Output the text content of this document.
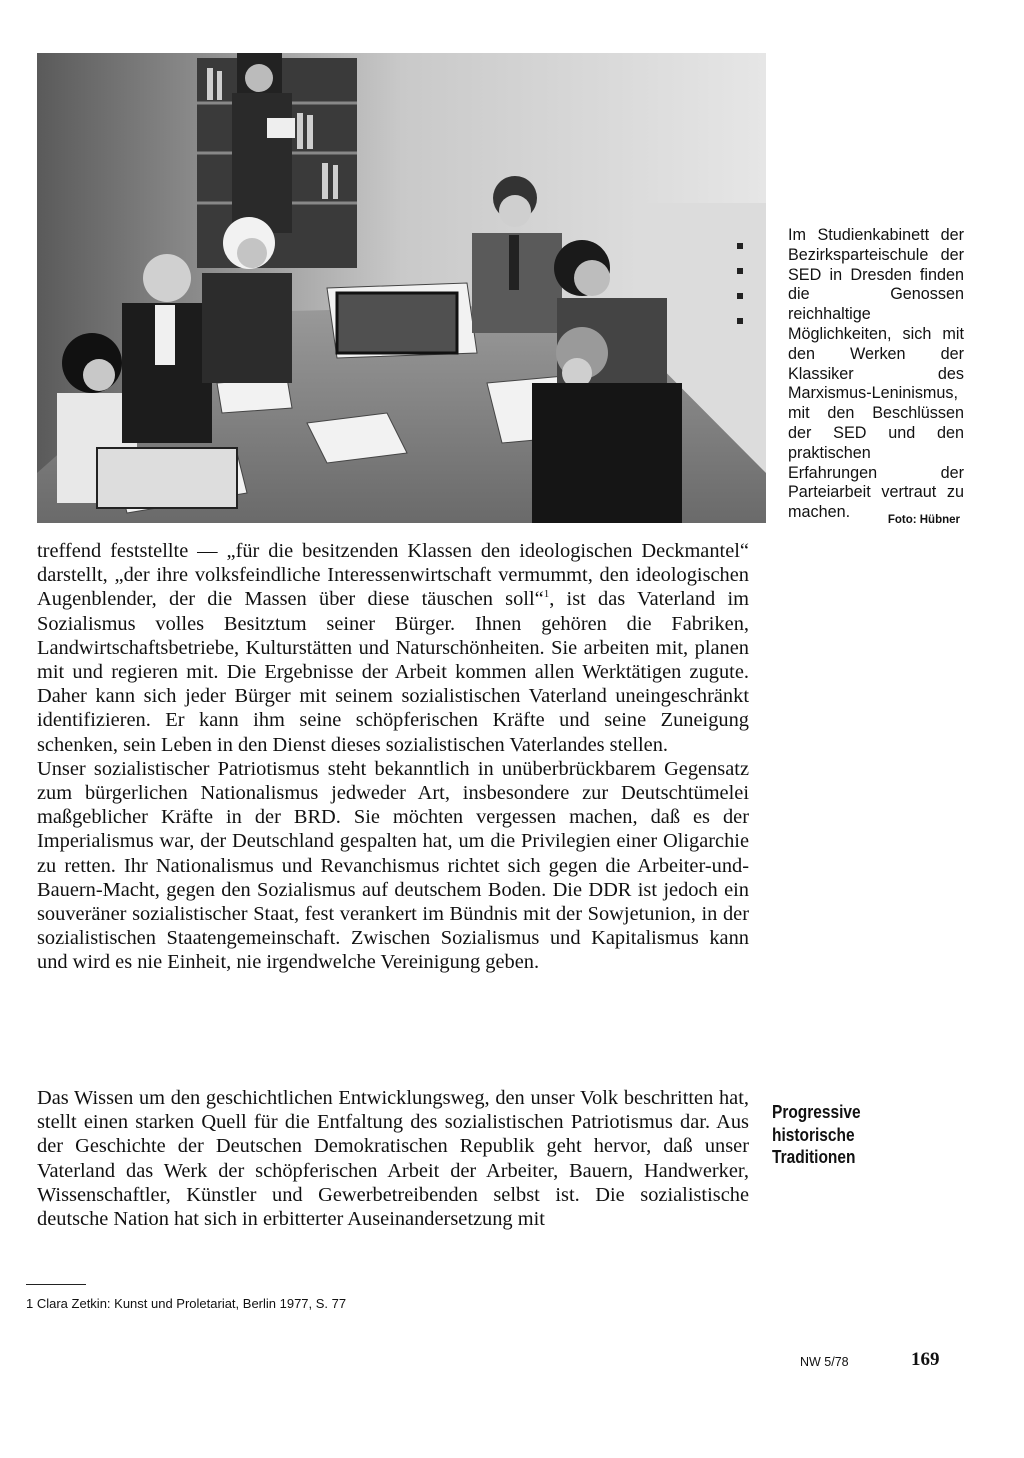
Im Studienkabinett der Bezirksparteischule der SED in Dresden finden die Genossen reichhaltige Möglichkeiten, sich mit den Werken der Klassiker des Marxismus-Leninismus, mit den Beschlüssen der SED und den praktischen Erfahrungen der Parteiarbeit vertraut zu machen.	Foto: Hübner

treffend feststellte — „für die besitzenden Klassen den ideologischen Deckmantel“ darstellt, „der ihre volksfeindliche Interessenwirtschaft vermummt, den ideologischen Augenblender, der die Massen über diese täuschen soll“$^1$, ist das Vaterland im Sozialismus volles Besitztum seiner Bürger. Ihnen gehören die Fabriken, Landwirtschaftsbetriebe, Kulturstätten und Naturschönheiten. Sie arbeiten mit, planen mit und regieren mit. Die Ergebnisse der Arbeit kommen allen Werktätigen zugute. Daher kann sich jeder Bürger mit seinem sozialistischen Vaterland uneingeschränkt identifizieren. Er kann ihm seine schöpferischen Kräfte und seine Zuneigung schenken, sein Leben in den Dienst dieses sozialistischen Vaterlandes stellen.
Unser sozialistischer Patriotismus steht bekanntlich in unüberbrückbarem Gegensatz zum bürgerlichen Nationalismus jedweder Art, insbesondere zur Deutschtümelei maßgeblicher Kräfte in der BRD. Sie möchten vergessen machen, daß es der Imperialismus war, der Deutschland gespalten hat, um die Privilegien einer Oligarchie zu retten. Ihr Nationalismus und Revanchismus richtet sich gegen die Arbeiter-und-Bauern-Macht, gegen den Sozialismus auf deutschem Boden. Die DDR ist jedoch ein souveräner sozialistischer Staat, fest verankert im Bündnis mit der Sowjetunion, in der sozialistischen Staatengemeinschaft. Zwischen Sozialismus und Kapitalismus kann und wird es nie Einheit, nie irgendwelche Vereinigung geben.

Das Wissen um den geschichtlichen Entwicklungsweg, den unser Volk beschritten hat, stellt einen starken Quell für die Entfaltung des sozialistischen Patriotismus dar. Aus der Geschichte der Deutschen Demokratischen Republik geht hervor, daß unser Vaterland das Werk der schöpferischen Arbeit der Arbeiter, Bauern, Handwerker, Wissenschaftler, Künstler und Gewerbetreibenden selbst ist. Die sozialistische deutsche Nation hat sich in erbitterter Auseinandersetzung mit

Progressive
historische
Traditionen
1 Clara Zetkin: Kunst und Proletariat, Berlin 1977, S. 77
NW 5/78	169
